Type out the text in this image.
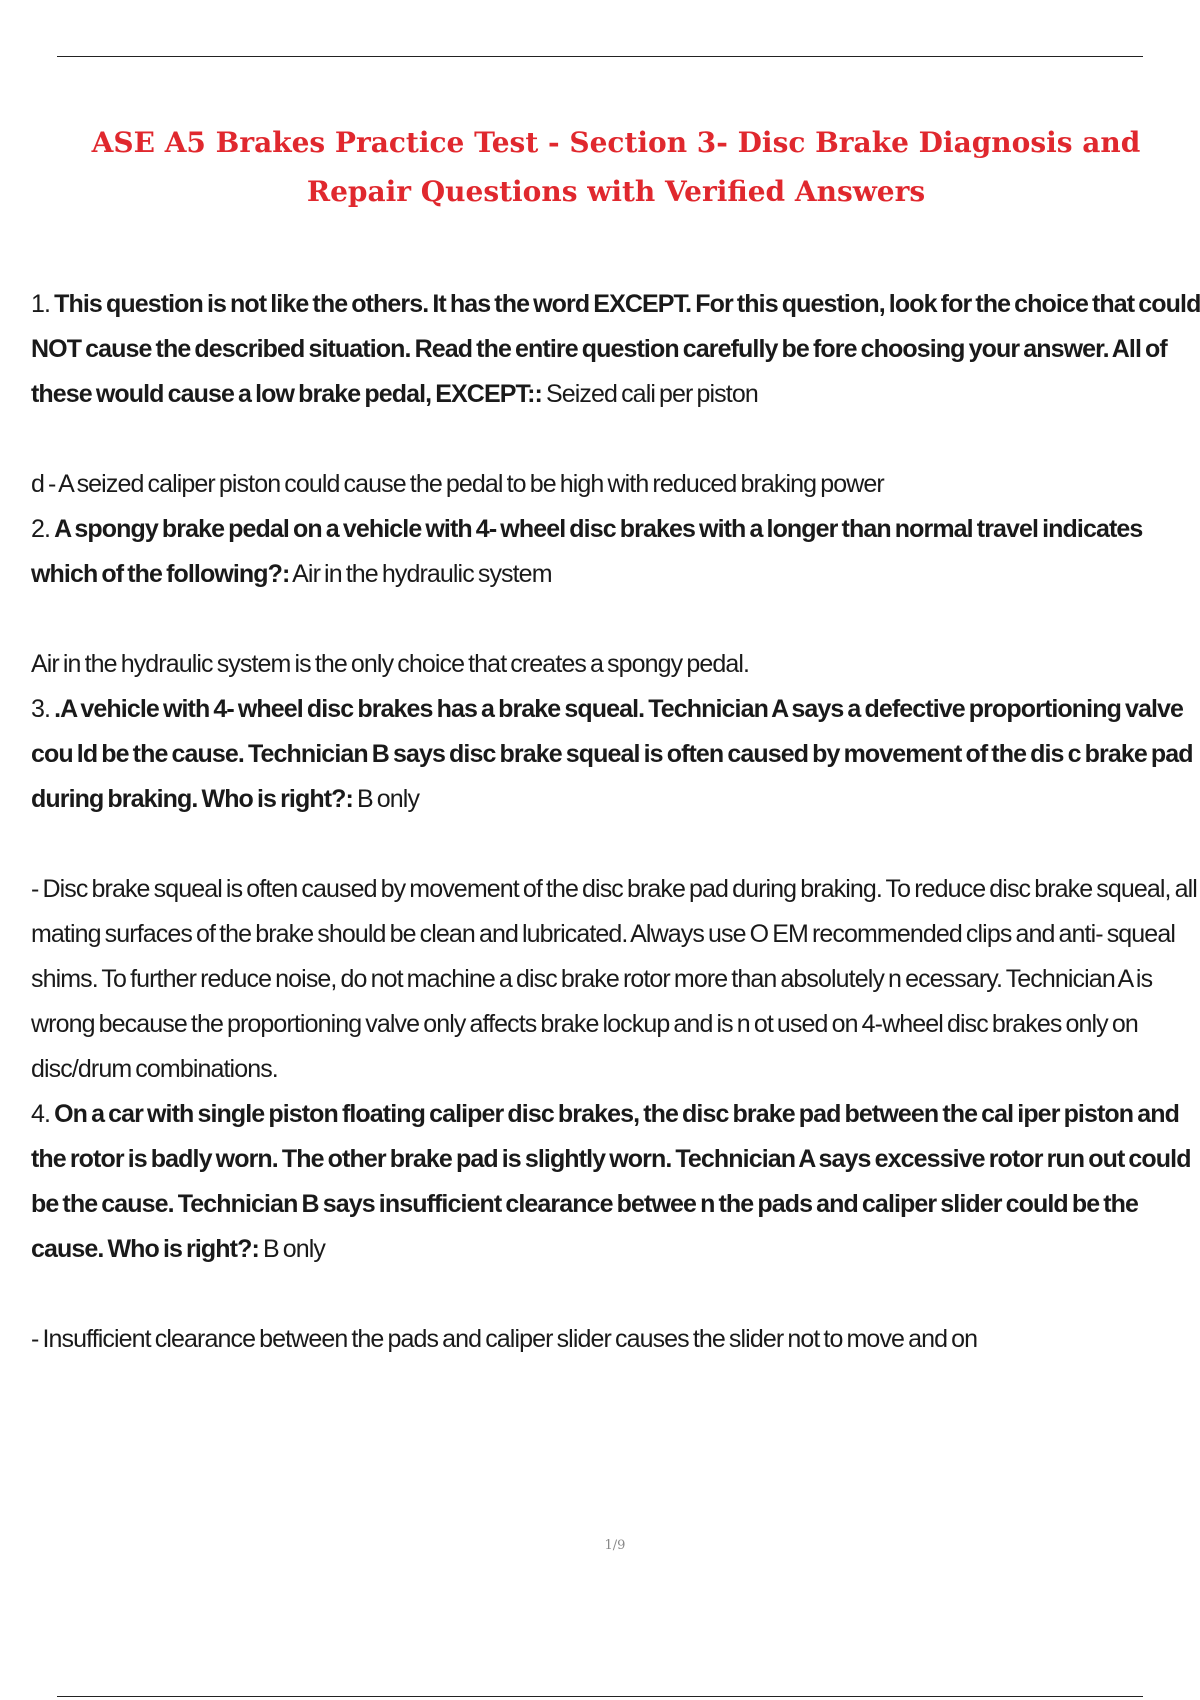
ASE A5 Brakes Practice Test - Section 3- Disc Brake Diagnosis and Repair Questions with Verified Answers

1. This question is not like the others. It has the word EXCEPT. For this question, look for the choice that could NOT cause the described situation. Read the entire question carefully be fore choosing your answer. All of these would cause a low brake pedal, EXCEPT:: Seized cali per piston

d - A seized caliper piston could cause the pedal to be high with reduced braking power

2. A spongy brake pedal on a vehicle with 4- wheel disc brakes with a longer than normal travel indicates which of the following?: Air in the hydraulic system

Air in the hydraulic system is the only choice that creates a spongy pedal.

3. .A vehicle with 4- wheel disc brakes has a brake squeal. Technician A says a defective proportioning valve cou ld be the cause. Technician B says disc brake squeal is often caused by movement of the dis c brake pad during braking. Who is right?: B only

- Disc brake squeal is often caused by movement of the disc brake pad during braking. To reduce disc brake squeal, all mating surfaces of the brake should be clean and lubricated. Always use O EM recommended clips and anti- squeal shims. To further reduce noise, do not machine a disc brake rotor more than absolutely n ecessary. Technician A is wrong because the proportioning valve only affects brake lockup and is n ot used on 4-wheel disc brakes only on disc/drum combinations.

4. On a car with single piston floating caliper disc brakes, the disc brake pad between the cal iper piston and the rotor is badly worn. The other brake pad is slightly worn. Technician A says excessive rotor run out could be the cause. Technician B says insufficient clearance betwee n the pads and caliper slider could be the cause. Who is right?: B only

- Insufficient clearance between the pads and caliper slider causes the slider not to move and on

1/9
